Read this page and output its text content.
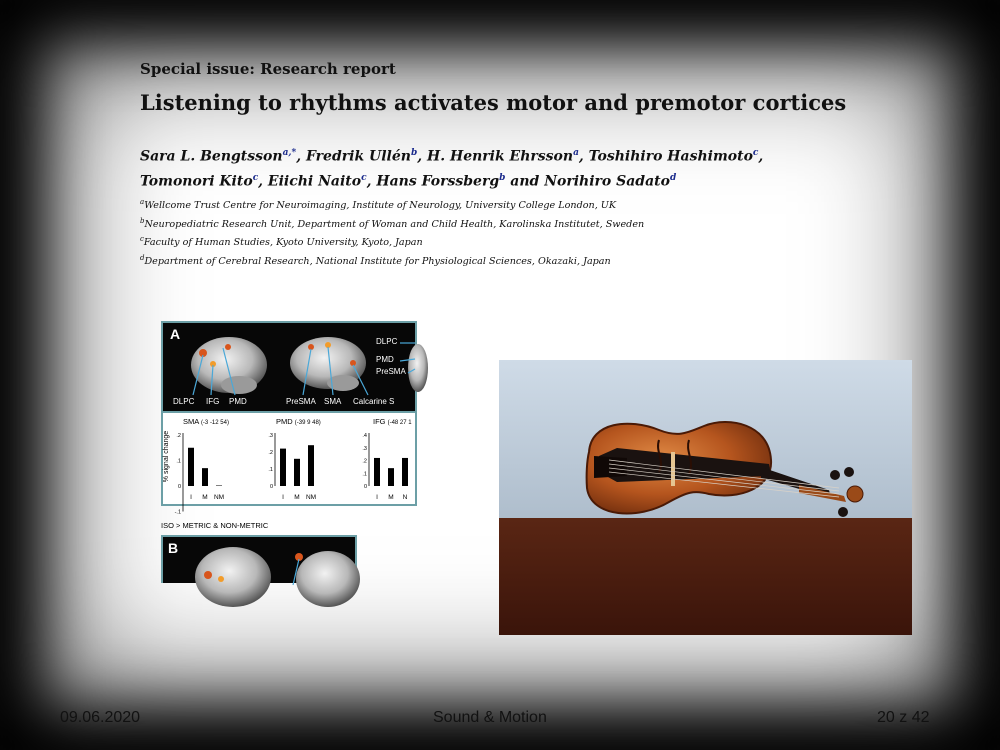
Special issue: Research report
Listening to rhythms activates motor and premotor cortices
Sara L. Bengtsson$^{a,*}$, Fredrik Ullén$^b$, H. Henrik Ehrsson$^a$, Toshihiro Hashimoto$^c$,
Tomonori Kito$^c$, Eiichi Naito$^c$, Hans Forssberg$^b$ and Norihiro Sadato$^d$
$^a$Wellcome Trust Centre for Neuroimaging, Institute of Neurology, University College London, UK
$^b$Neuropediatric Research Unit, Department of Woman and Child Health, Karolinska Institutet, Sweden
$^c$Faculty of Human Studies, Kyoto University, Kyoto, Japan
$^d$Department of Cerebral Research, National Institute for Physiological Sciences, Okazaki, Japan
A
DLPC IFG PMD	PreSMA SMA Calcarine S
DLPC
PMD
PreSMA
SMA (-3 -12 54)	PMD (-39 9 48)	IFG (-48 27 1
% signal change .2
.1
0
-.1
I M NM
.3
.2
.1
0
I M NM
.4
.3
.2
.1
0
I M N
ISO > METRIC & NON-METRIC
B
09.06.2020	Sound & Motion	20 z 42
